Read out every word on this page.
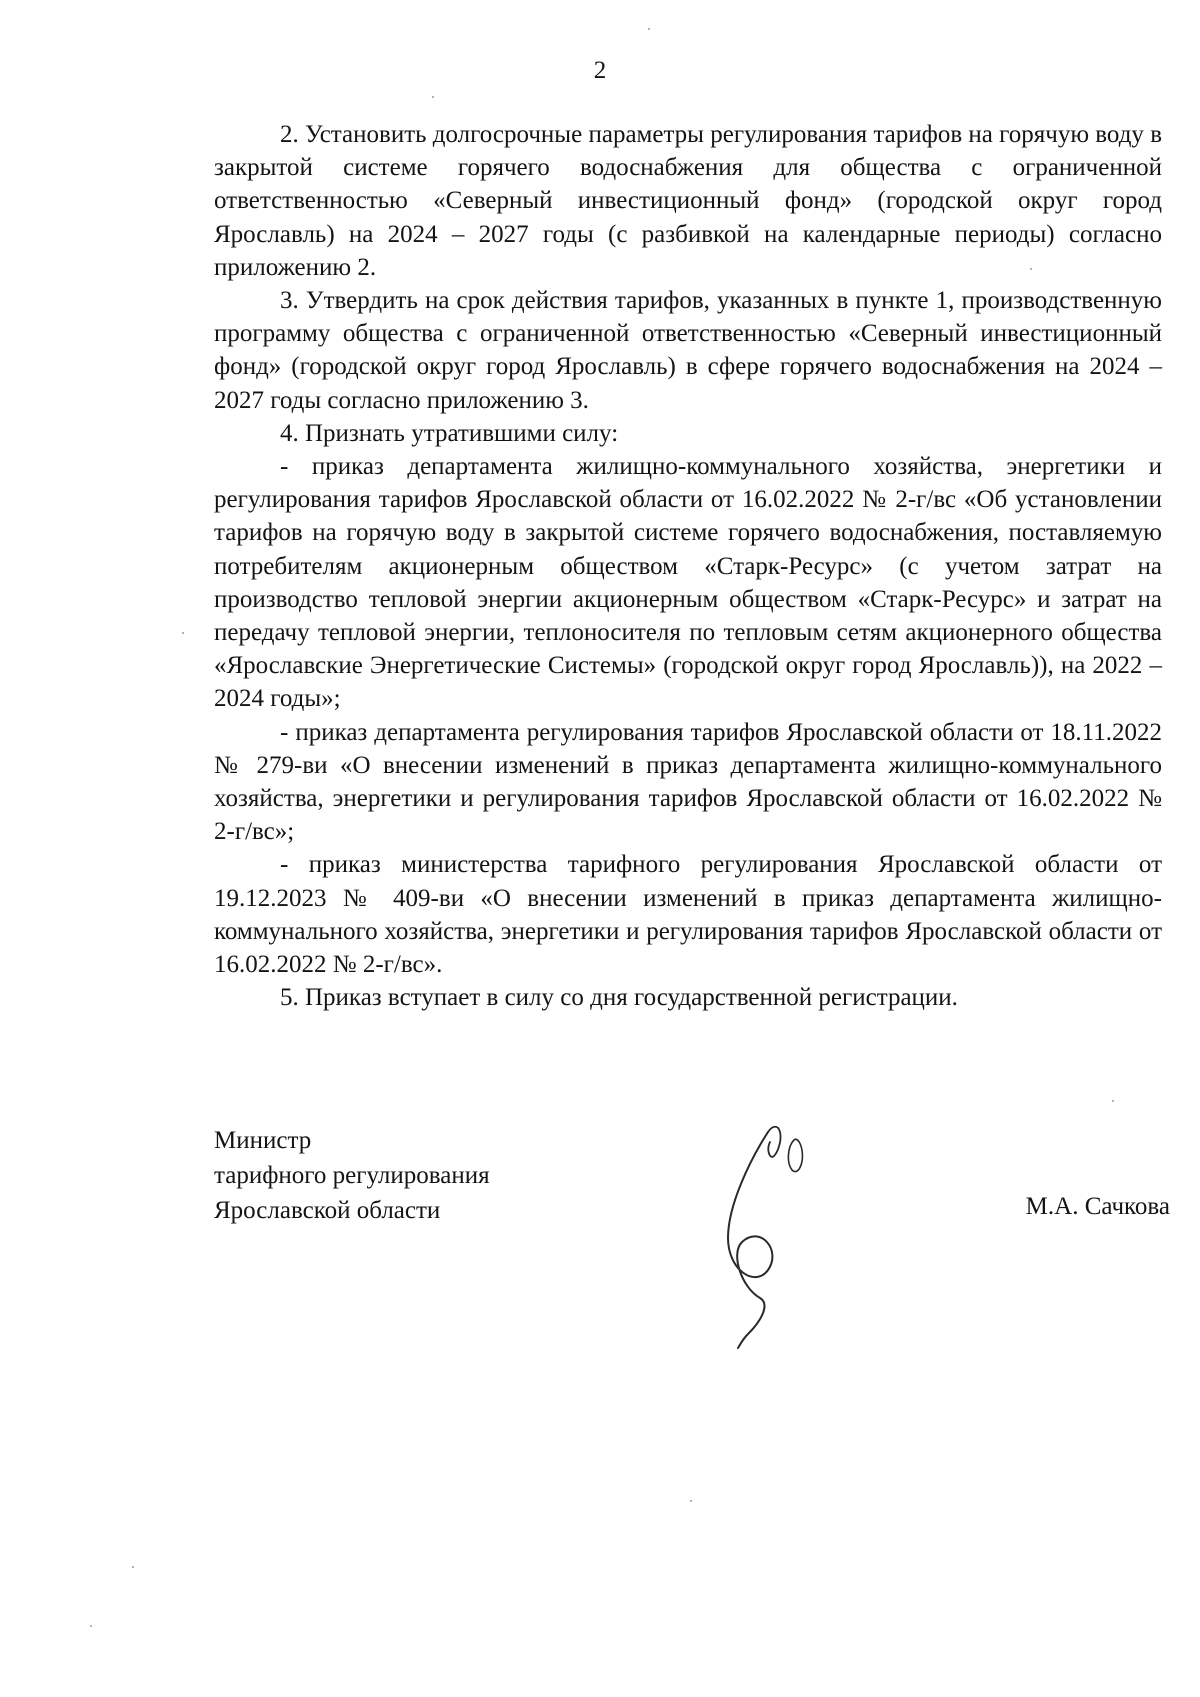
2

2. Установить долгосрочные параметры регулирования тарифов на горячую воду в закрытой системе горячего водоснабжения для общества с ограниченной ответственностью «Северный инвестиционный фонд» (городской округ город Ярославль) на 2024 – 2027 годы (с разбивкой на календарные периоды) согласно приложению 2.

3. Утвердить на срок действия тарифов, указанных в пункте 1, производственную программу общества с ограниченной ответственностью «Северный инвестиционный фонд» (городской округ город Ярославль) в сфере горячего водоснабжения на 2024 – 2027 годы согласно приложению 3.

4. Признать утратившими силу:

- приказ департамента жилищно-коммунального хозяйства, энергетики и регулирования тарифов Ярославской области от 16.02.2022 № 2-г/вс «Об установлении тарифов на горячую воду в закрытой системе горячего водоснабжения, поставляемую потребителям акционерным обществом «Старк-Ресурс» (с учетом затрат на производство тепловой энергии акционерным обществом «Старк-Ресурс» и затрат на передачу тепловой энергии, теплоносителя по тепловым сетям акционерного общества «Ярославские Энергетические Системы» (городской округ город Ярославль)), на 2022 – 2024 годы»;

- приказ департамента регулирования тарифов Ярославской области от 18.11.2022 № 279-ви «О внесении изменений в приказ департамента жилищно-коммунального хозяйства, энергетики и регулирования тарифов Ярославской области от 16.02.2022 № 2-г/вс»;

- приказ министерства тарифного регулирования Ярославской области от 19.12.2023 № 409-ви «О внесении изменений в приказ департамента жилищно-коммунального хозяйства, энергетики и регулирования тарифов Ярославской области от 16.02.2022 № 2-г/вс».

5. Приказ вступает в силу со дня государственной регистрации.

Министр
тарифного регулирования
Ярославской области	М.А. Сачкова
